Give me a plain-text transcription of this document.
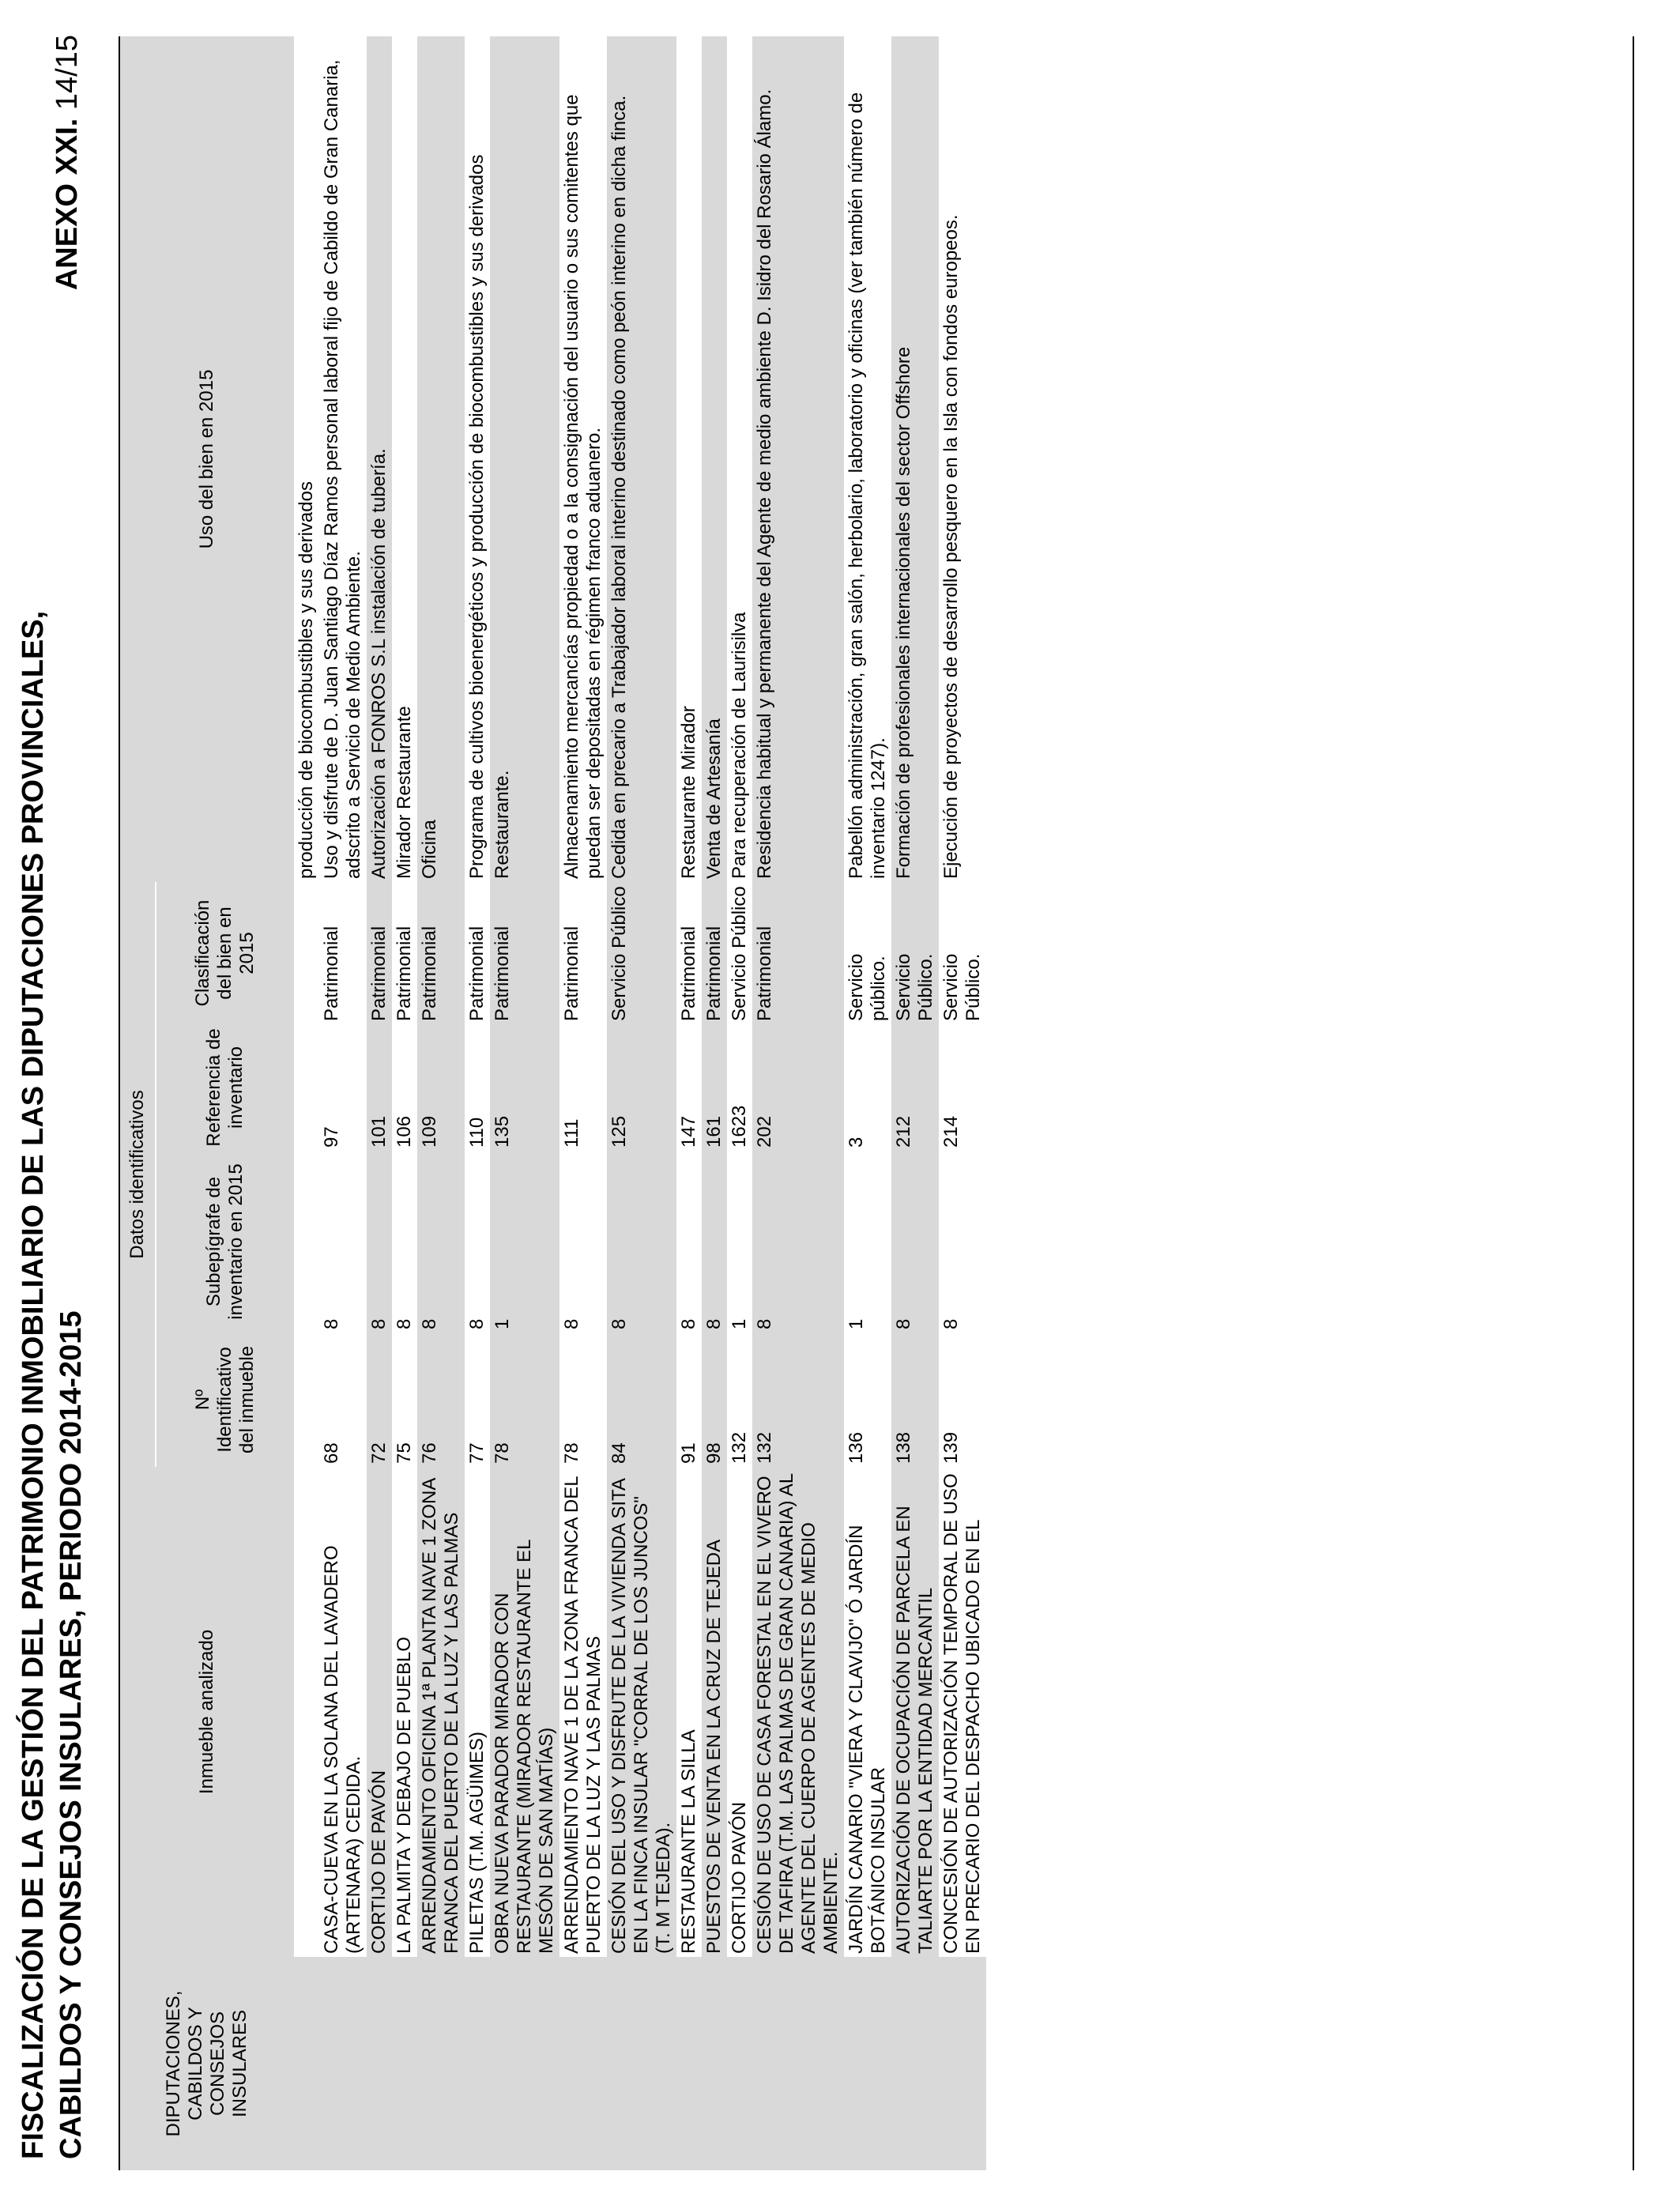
FISCALIZACIÓN DE LA GESTIÓN DEL PATRIMONIO INMOBILIARIO DE LAS DIPUTACIONES PROVINCIALES, CABILDOS Y CONSEJOS INSULARES, PERIODO 2014-2015
ANEXO XXI. 14/15
DIPUTACIONES, CABILDOS Y CONSEJOS INSULARES	Inmueble analizado	Datos identificativos				Uso del bien en 2015
		Nº Identificativo del inmueble	Subepígrafe de inventario en 2015	Referencia de inventario	Clasificación del bien en 2015	
						producción de biocombustibles y sus derivados
	CASA-CUEVA EN LA SOLANA DEL LAVADERO (ARTENARA) CEDIDA.	68	8	97	Patrimonial	Uso y disfrute de D. Juan Santiago Díaz Ramos personal laboral fijo de Cabildo de Gran Canaria, adscrito a Servicio de Medio Ambiente.
	CORTIJO DE PAVÓN	72	8	101	Patrimonial	Autorización a FONROS S.L instalación de tubería.
	LA PALMITA Y DEBAJO DE PUEBLO	75	8	106	Patrimonial	Mirador Restaurante
	ARRENDAMIENTO OFICINA 1ª PLANTA NAVE 1 ZONA FRANCA DEL PUERTO DE LA LUZ Y LAS PALMAS	76	8	109	Patrimonial	Oficina
	PILETAS (T.M. AGÜIMES)	77	8	110	Patrimonial	Programa de cultivos bioenergéticos y producción de biocombustibles y sus derivados
	OBRA NUEVA PARADOR MIRADOR CON RESTAURANTE (MIRADOR RESTAURANTE EL MESÓN DE SAN MATÍAS)	78	1	135	Patrimonial	Restaurante.
	ARRENDAMIENTO NAVE 1 DE LA ZONA FRANCA DEL PUERTO DE LA LUZ Y LAS PALMAS	78	8	111	Patrimonial	Almacenamiento mercancías propiedad o a la consignación del usuario o sus comitentes que puedan ser depositadas en régimen franco aduanero.
	CESIÓN DEL USO Y DISFRUTE DE LA VIVIENDA SITA EN LA FINCA INSULAR "CORRAL DE LOS JUNCOS" (T. M TEJEDA).	84	8	125	Servicio Público	Cedida en precario a Trabajador laboral interino destinado como peón interino en dicha finca.
	RESTAURANTE LA SILLA	91	8	147	Patrimonial	Restaurante Mirador
	PUESTOS DE VENTA EN LA CRUZ DE TEJEDA	98	8	161	Patrimonial	Venta de Artesanía
	CORTIJO PAVÓN	132	1	1623	Servicio Público	Para recuperación de Laurisilva
	CESIÓN DE USO DE CASA FORESTAL EN EL VIVERO DE TAFIRA (T.M. LAS PALMAS DE GRAN CANARIA) AL AGENTE DEL CUERPO DE AGENTES DE MEDIO AMBIENTE.	132	8	202	Patrimonial	Residencia habitual y permanente del Agente de medio ambiente D. Isidro del Rosario Álamo.
	JARDÍN CANARIO "VIERA Y CLAVIJO" Ó JARDÍN BOTÁNICO INSULAR	136	1	3	Servicio público.	Pabellón administración, gran salón, herbolario, laboratorio y oficinas (ver también número de inventario 1247).
	AUTORIZACIÓN DE OCUPACIÓN DE PARCELA EN TALIARTE POR LA ENTIDAD MERCANTIL	138	8	212	Servicio Público.	Formación de profesionales internacionales del sector Offshore
	CONCESIÓN DE AUTORIZACIÓN TEMPORAL DE USO EN PRECARIO DEL DESPACHO UBICADO EN EL	139	8	214	Servicio Público.	Ejecución de proyectos de desarrollo pesquero en la Isla con fondos europeos.
